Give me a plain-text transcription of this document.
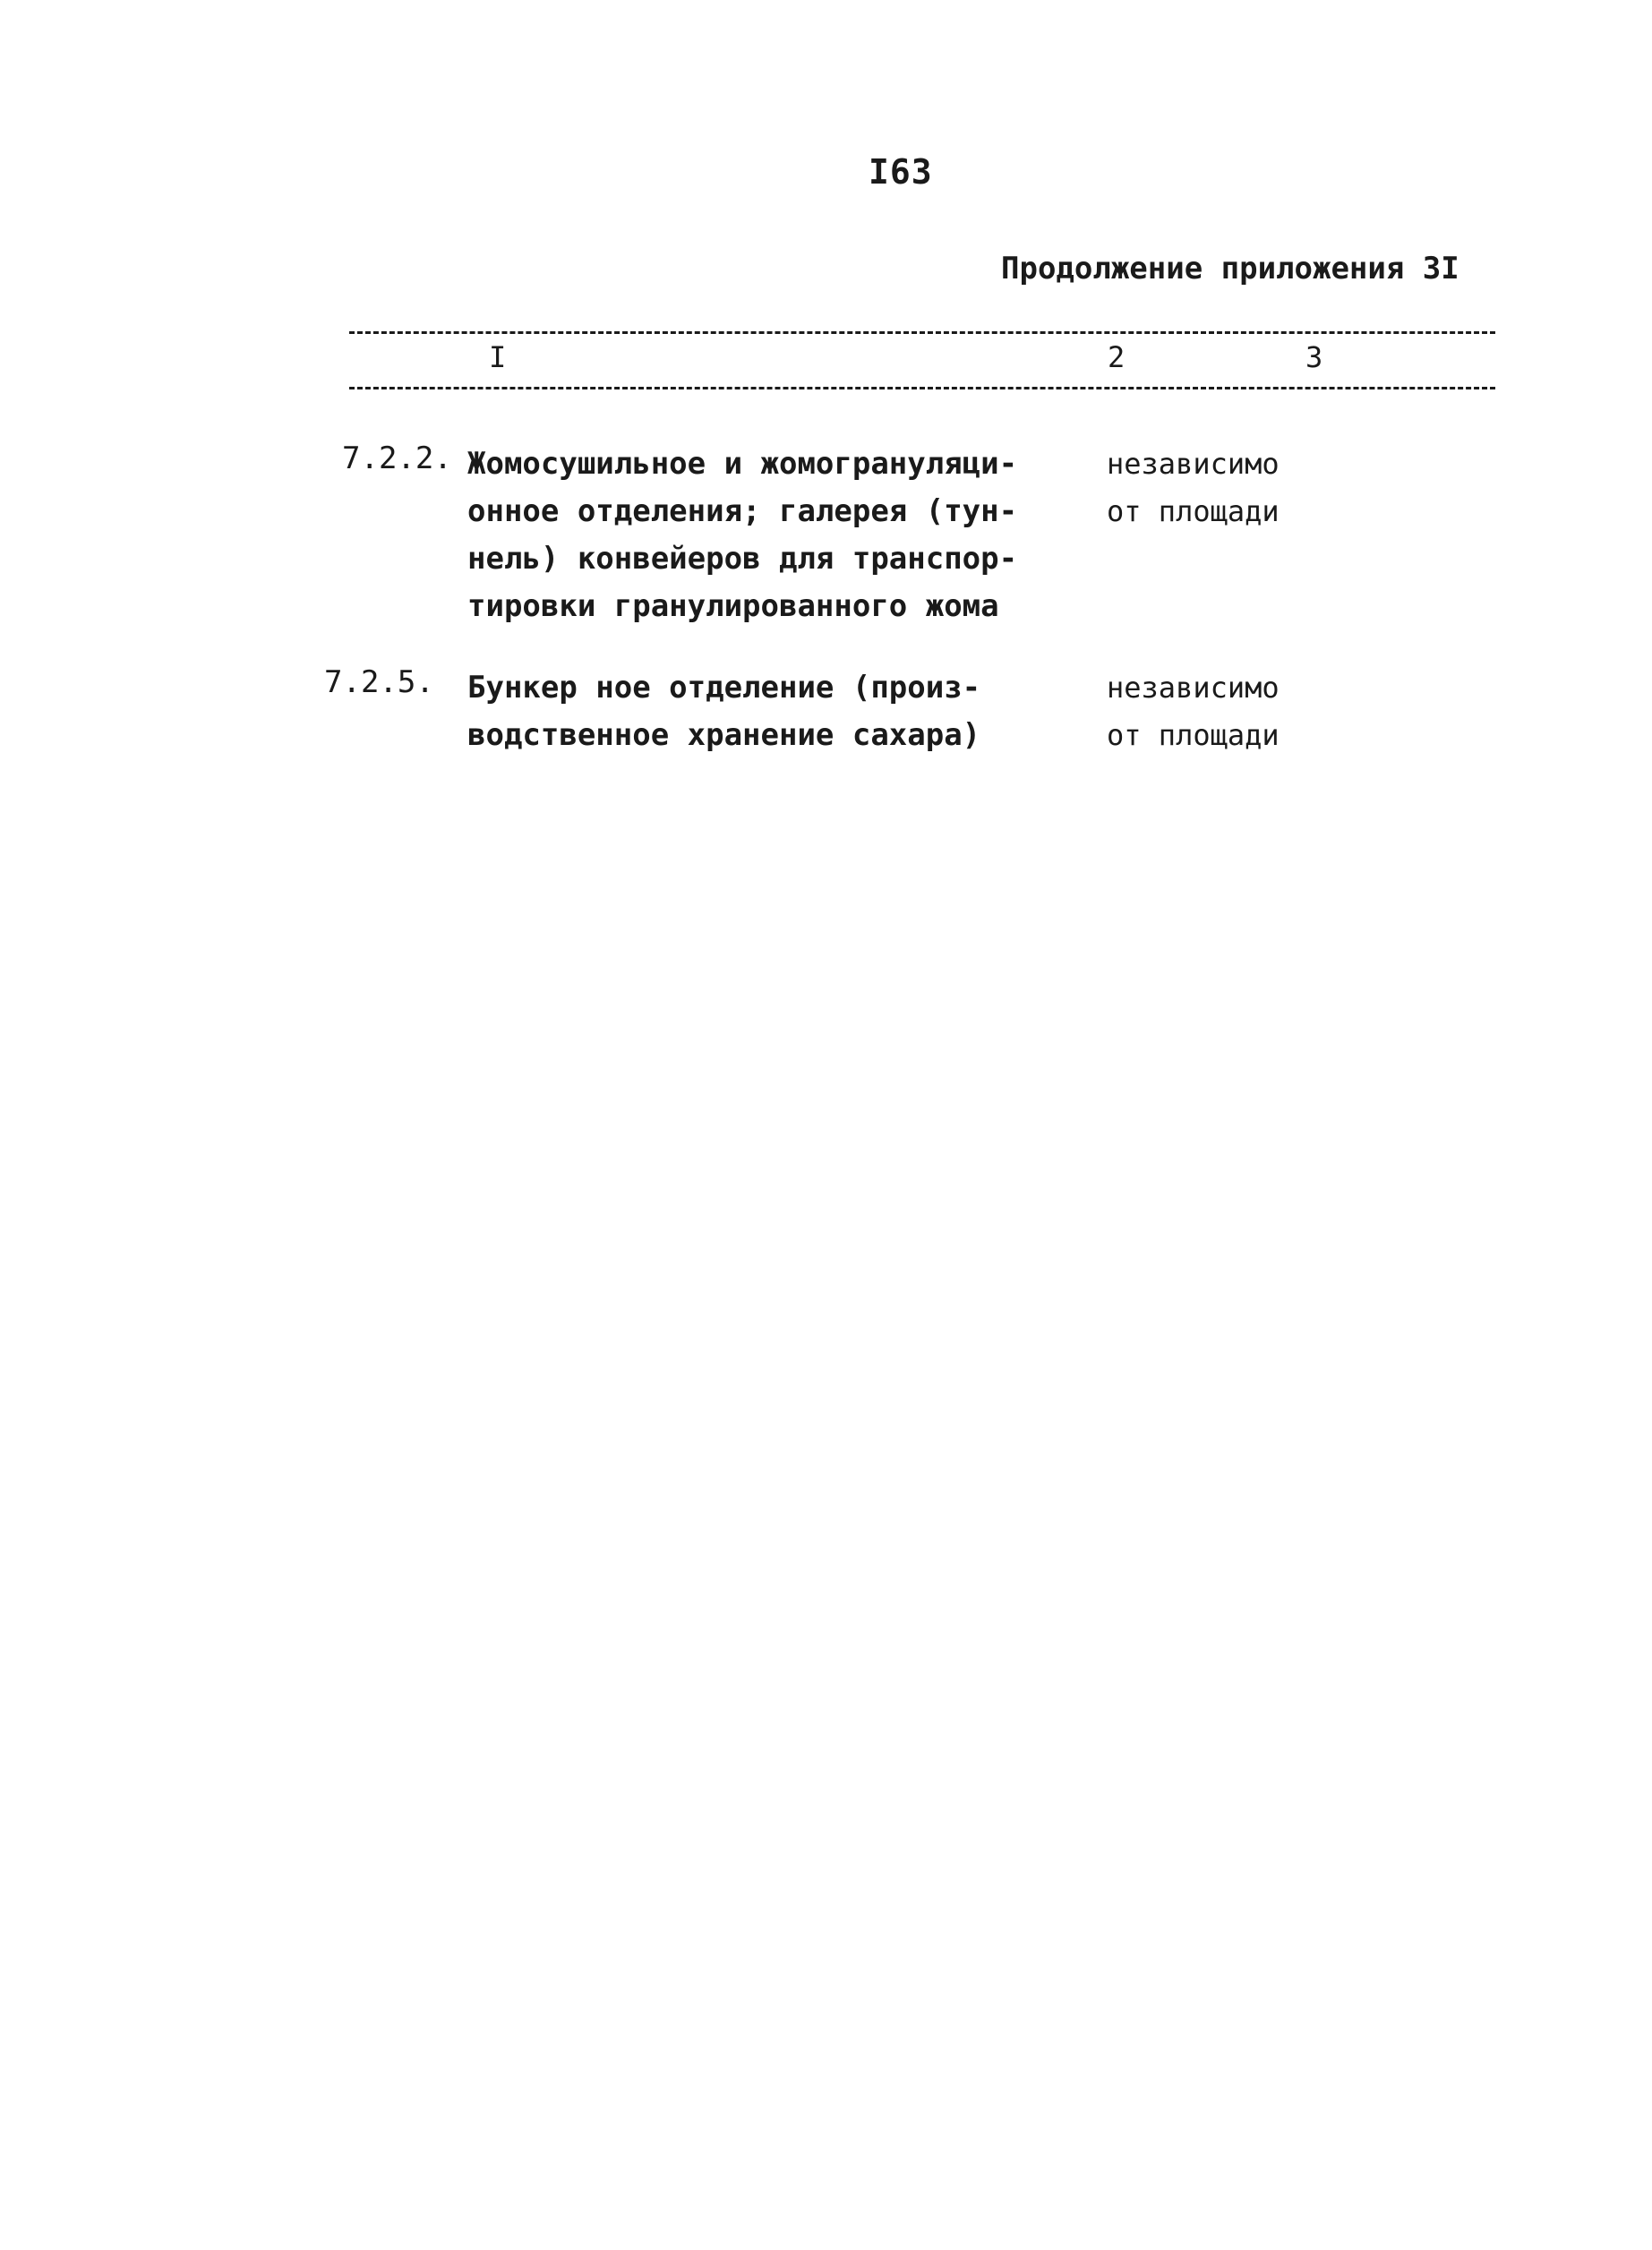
I63
Продолжение приложения 3I
I	2	3
7.2.2. Жомосушильное и жомогрануляци-
онное отделения; галерея (тун-
нель) конвейеров для транспор-
тировки гранулированного жома
независимо
от площади
7.2.5. Бункер ное отделение (произ-
водственное хранение сахара)
независимо
от площади
